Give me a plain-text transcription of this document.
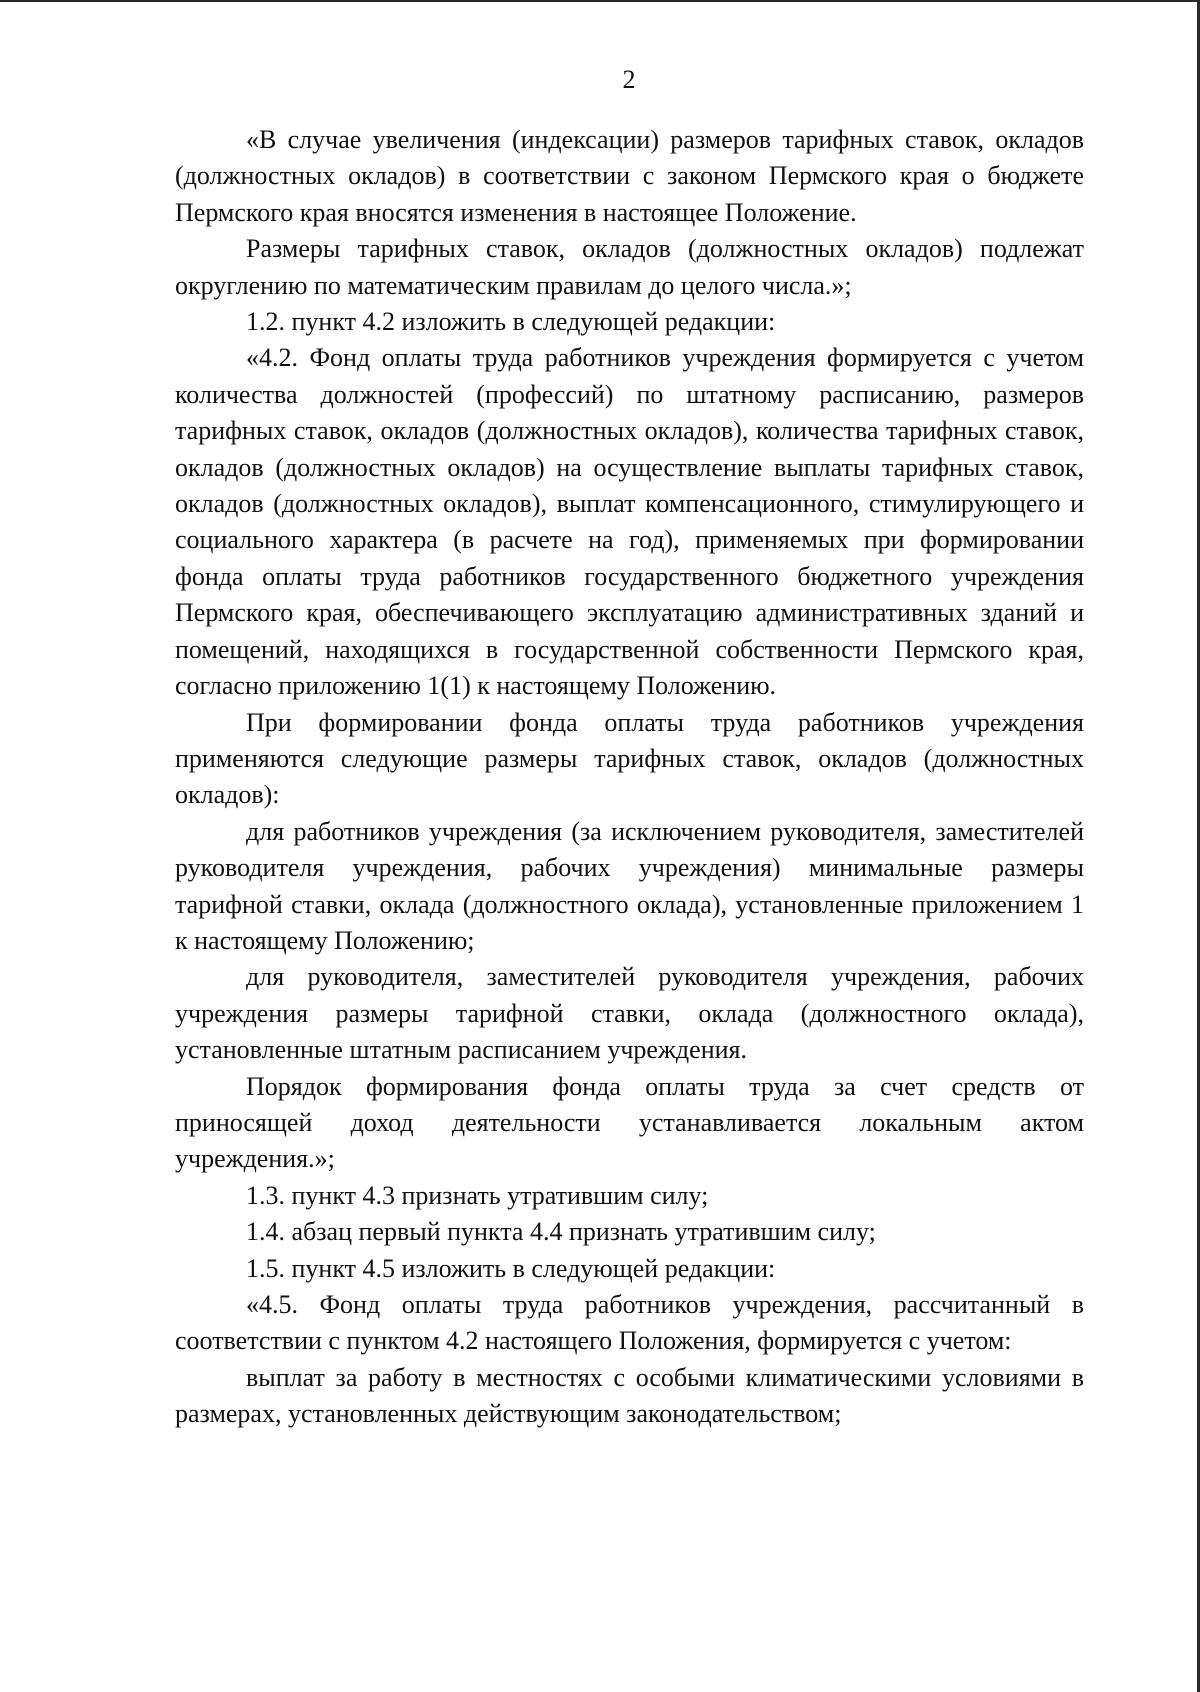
2

«В случае увеличения (индексации) размеров тарифных ставок, окладов (должностных окладов) в соответствии с законом Пермского края о бюджете Пермского края вносятся изменения в настоящее Положение.

Размеры тарифных ставок, окладов (должностных окладов) подлежат округлению по математическим правилам до целого числа.»;

1.2. пункт 4.2 изложить в следующей редакции:

«4.2. Фонд оплаты труда работников учреждения формируется с учетом количества должностей (профессий) по штатному расписанию, размеров тарифных ставок, окладов (должностных окладов), количества тарифных ставок, окладов (должностных окладов) на осуществление выплаты тарифных ставок, окладов (должностных окладов), выплат компенсационного, стимулирующего и социального характера (в расчете на год), применяемых при формировании фонда оплаты труда работников государственного бюджетного учреждения Пермского края, обеспечивающего эксплуатацию административных зданий и помещений, находящихся в государственной собственности Пермского края, согласно приложению 1(1) к настоящему Положению.

При формировании фонда оплаты труда работников учреждения применяются следующие размеры тарифных ставок, окладов (должностных окладов):

для работников учреждения (за исключением руководителя, заместителей руководителя учреждения, рабочих учреждения) минимальные размеры тарифной ставки, оклада (должностного оклада), установленные приложением 1 к настоящему Положению;

для руководителя, заместителей руководителя учреждения, рабочих учреждения размеры тарифной ставки, оклада (должностного оклада), установленные штатным расписанием учреждения.

Порядок формирования фонда оплаты труда за счет средств от приносящей доход деятельности устанавливается локальным актом учреждения.»;

1.3. пункт 4.3 признать утратившим силу;

1.4. абзац первый пункта 4.4 признать утратившим силу;

1.5. пункт 4.5 изложить в следующей редакции:

«4.5. Фонд оплаты труда работников учреждения, рассчитанный в соответствии с пунктом 4.2 настоящего Положения, формируется с учетом:

выплат за работу в местностях с особыми климатическими условиями в размерах, установленных действующим законодательством;
